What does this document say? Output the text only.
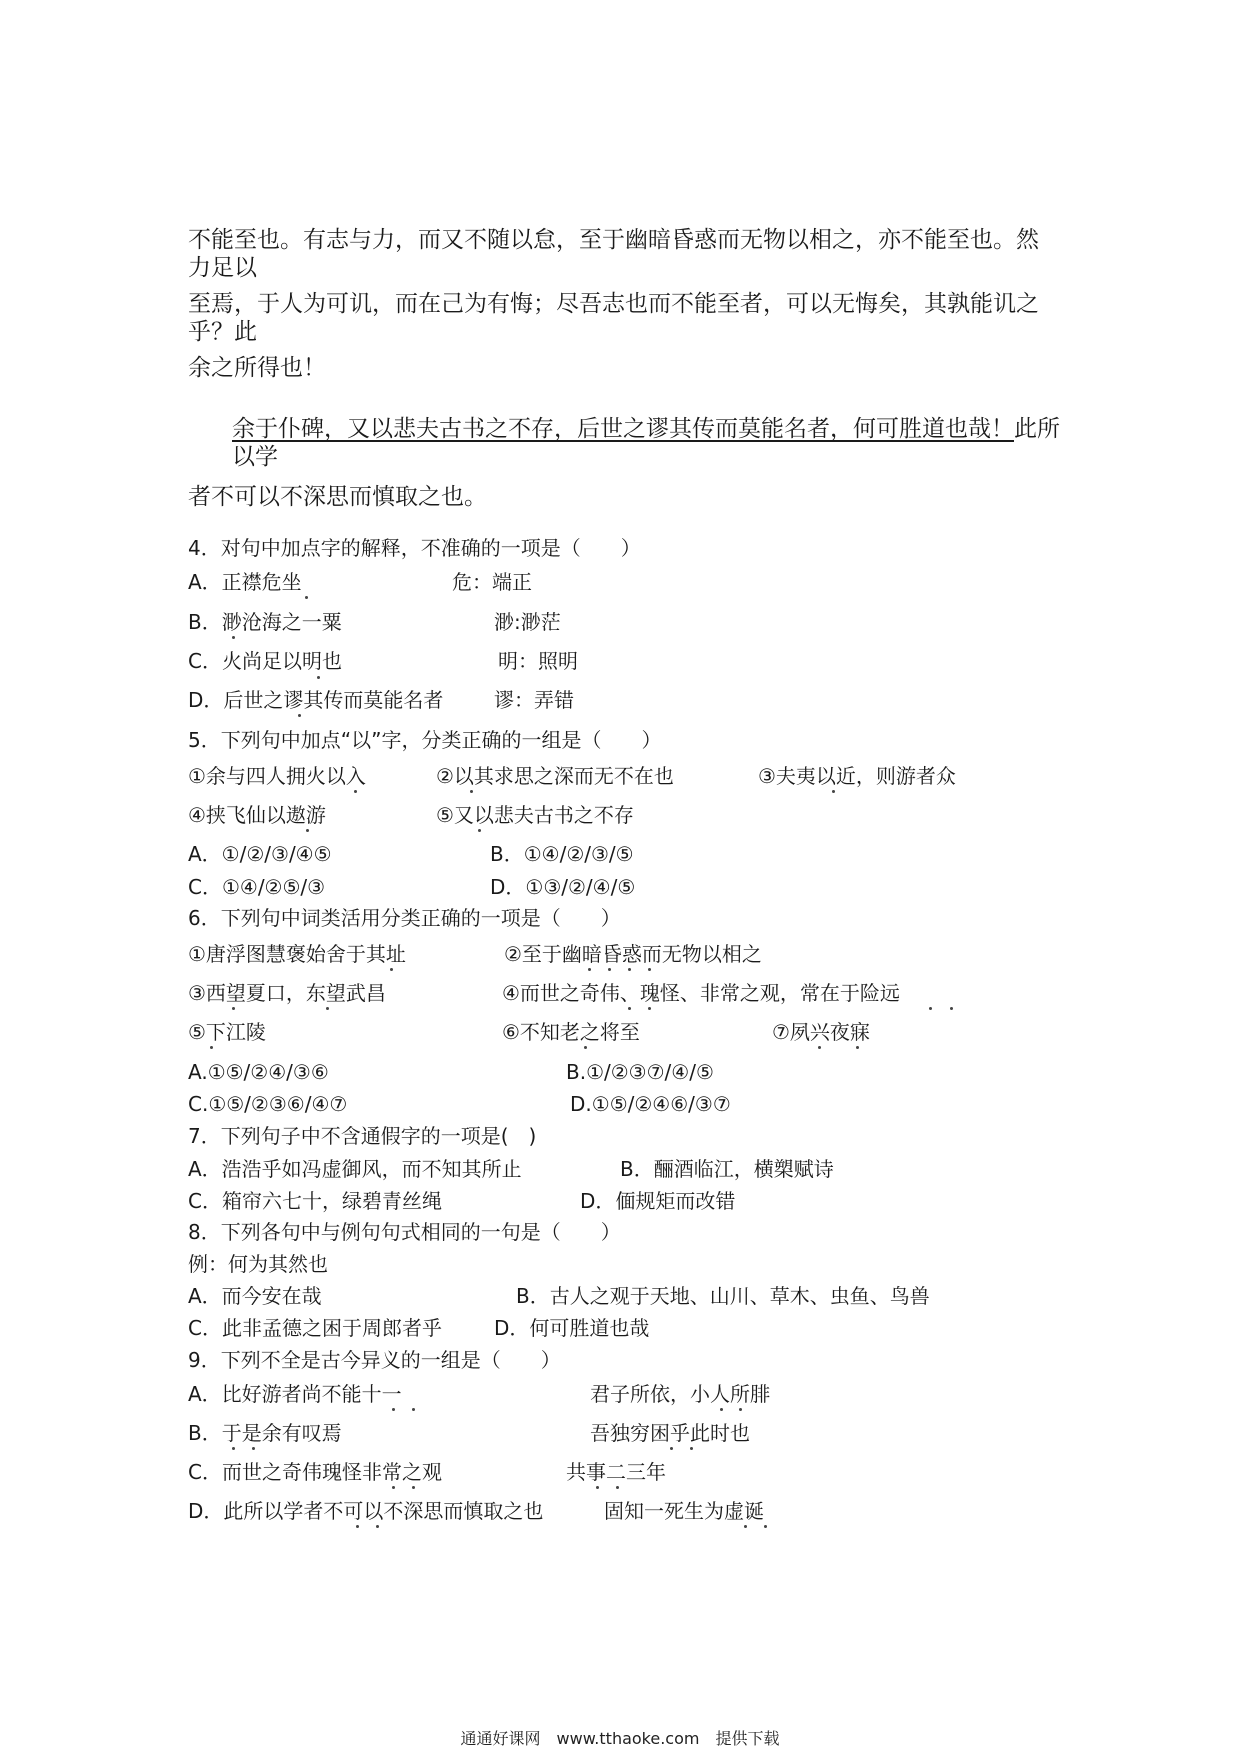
不能至也。有志与力，而又不随以怠，至于幽暗昏惑而无物以相之，亦不能至也。然力足以
至焉，于人为可讥，而在己为有悔；尽吾志也而不能至者，可以无悔矣，其孰能讥之乎？此
余之所得也！
余于仆碑，又以悲夫古书之不存，后世之谬其传而莫能名者，何可胜道也哉！此所以学
者不可以不深思而慎取之也。
4．对句中加点字的解释，不准确的一项是（　　）
A．正襟危坐	危：端正
B．渺沧海之一粟	渺:渺茫
C．火尚足以明也	明：照明
D．后世之谬其传而莫能名者	谬：弄错
5．下列句中加点“以”字，分类正确的一组是（　　）
①余与四人拥火以入	②以其求思之深而无不在也	③夫夷以近，则游者众
④挟飞仙以遨游	⑤又以悲夫古书之不存
A．①/②/③/④⑤	B．①④/②/③/⑤
C．①④/②⑤/③	D．①③/②/④/⑤
6．下列句中词类活用分类正确的一项是（　　）
①唐浮图慧褒始舍于其址	②至于幽暗昏惑而无物以相之
③西望夏口，东望武昌	④而世之奇伟、瑰怪、非常之观，常在于险远
⑤下江陵	⑥不知老之将至	⑦夙兴夜寐
A.①⑤/②④/③⑥	B.①/②③⑦/④/⑤
C.①⑤/②③⑥/④⑦	D.①⑤/②④⑥/③⑦
7．下列句子中不含通假字的一项是(　)
A．浩浩乎如冯虚御风，而不知其所止	B．酾酒临江，横槊赋诗
C．箱帘六七十，绿碧青丝绳	D．偭规矩而改错
8．下列各句中与例句句式相同的一句是（　　）
例：何为其然也
A．而今安在哉	B．古人之观于天地、山川、草木、虫鱼、鸟兽
C．此非孟德之困于周郎者乎	D．何可胜道也哉
9．下列不全是古今异义的一组是（　　）
A．比好游者尚不能十一	君子所依，小人所腓
B．于是余有叹焉	吾独穷困乎此时也
C．而世之奇伟瑰怪非常之观	共事二三年
D．此所以学者不可以不深思而慎取之也	固知一死生为虚诞
通通好课网　www.tthaoke.com　提供下载
